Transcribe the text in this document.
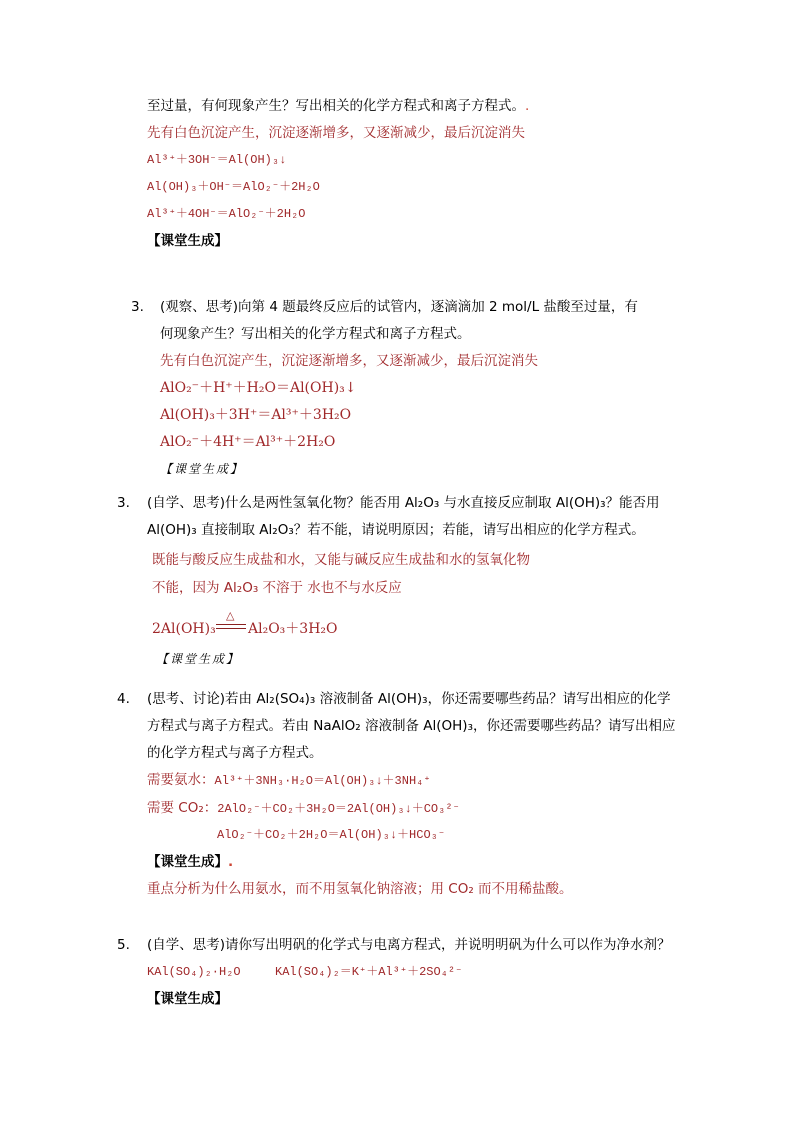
至过量，有何现象产生？写出相关的化学方程式和离子方程式。.
先有白色沉淀产生，沉淀逐渐增多，又逐渐减少，最后沉淀消失
Al³⁺＋3OH⁻＝Al(OH)₃↓
Al(OH)₃＋OH⁻＝AlO₂⁻＋2H₂O
Al³⁺＋4OH⁻＝AlO₂⁻＋2H₂O
【课堂生成】
3. (观察、思考)向第 4 题最终反应后的试管内，逐滴滴加 2 mol/L 盐酸至过量，有
何现象产生？写出相关的化学方程式和离子方程式。
先有白色沉淀产生，沉淀逐渐增多，又逐渐减少，最后沉淀消失
AlO₂⁻＋H⁺＋H₂O＝Al(OH)₃↓
Al(OH)₃＋3H⁺＝Al³⁺＋3H₂O
AlO₂⁻＋4H⁺＝Al³⁺＋2H₂O
【课堂生成】
3. (自学、思考)什么是两性氢氧化物？能否用 Al₂O₃ 与水直接反应制取 Al(OH)₃？能否用
Al(OH)₃ 直接制取 Al₂O₃？若不能，请说明原因；若能，请写出相应的化学方程式。
既能与酸反应生成盐和水，又能与碱反应生成盐和水的氢氧化物
不能，因为 Al₂O₃ 不溶于 水也不与水反应
2Al(OH)₃
△
Al₂O₃＋3H₂O
【课堂生成】
4. (思考、讨论)若由 Al₂(SO₄)₃ 溶液制备 Al(OH)₃，你还需要哪些药品？请写出相应的化学
方程式与离子方程式。若由 NaAlO₂ 溶液制备 Al(OH)₃，你还需要哪些药品？请写出相应
的化学方程式与离子方程式。
需要氨水：Al³⁺＋3NH₃·H₂O＝Al(OH)₃↓＋3NH₄⁺
需要 CO₂：2AlO₂⁻＋CO₂＋3H₂O＝2Al(OH)₃↓＋CO₃²⁻
AlO₂⁻＋CO₂＋2H₂O＝Al(OH)₃↓＋HCO₃⁻
【课堂生成】.
重点分析为什么用氨水，而不用氢氧化钠溶液；用 CO₂ 而不用稀盐酸。
5. (自学、思考)请你写出明矾的化学式与电离方程式，并说明明矾为什么可以作为净水剂？
KAl(SO₄)₂·H₂O	KAl(SO₄)₂＝K⁺＋Al³⁺＋2SO₄²⁻
【课堂生成】
